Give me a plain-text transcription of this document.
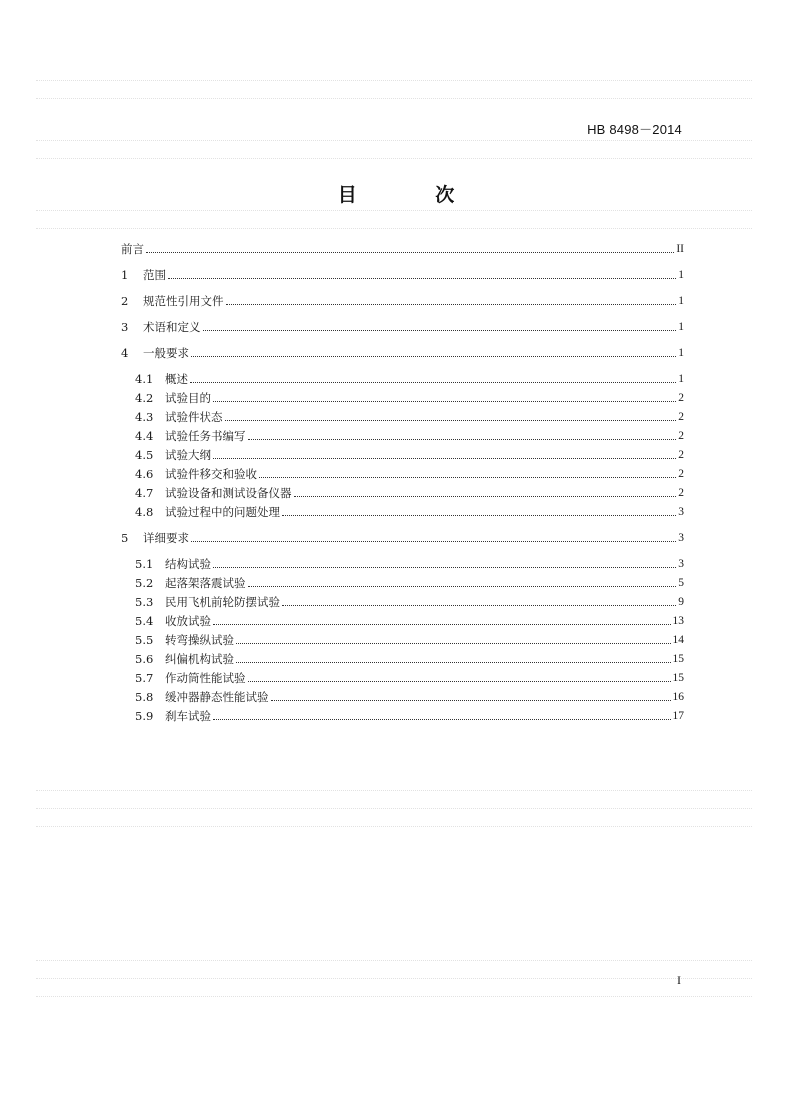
HB 8498－2014
目 次
前言	II
1	范围	1
2	规范性引用文件	1
3	术语和定义	1
4	一般要求	1
4.1	概述	1
4.2	试验目的	2
4.3	试验件状态	2
4.4	试验任务书编写	2
4.5	试验大纲	2
4.6	试验件移交和验收	2
4.7	试验设备和测试设备仪器	2
4.8	试验过程中的问题处理	3
5	详细要求	3
5.1	结构试验	3
5.2	起落架落震试验	5
5.3	民用飞机前轮防摆试验	9
5.4	收放试验	13
5.5	转弯操纵试验	14
5.6	纠偏机构试验	15
5.7	作动筒性能试验	15
5.8	缓冲器静态性能试验	16
5.9	刹车试验	17
I
